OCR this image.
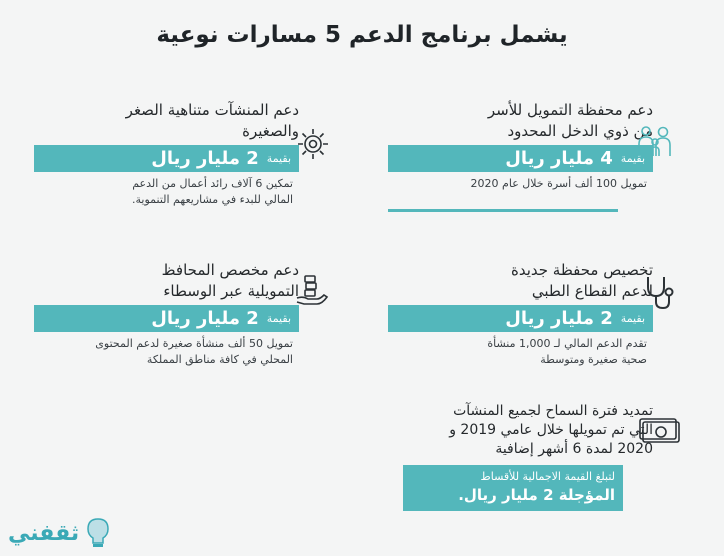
يشمل برنامج الدعم 5 مسارات نوعية
دعم محفظة التمويل للأسر
من ذوي الدخل المحدود
بقيمة
4 مليار ريال
تمويل 100 ألف أسرة خلال عام 2020
دعم المنشآت متناهية الصغر
والصغيرة
بقيمة
2 مليار ريال
تمكين 6 آلاف رائد أعمال من الدعم
المالي للبدء في مشاريعهم التنموية.
تخصيص محفظة جديدة
لدعم القطاع الطبي
بقيمة
2 مليار ريال
تقدم الدعم المالي لـ 1,000 منشأة
صحية صغيرة ومتوسطة
دعم مخصص المحافظ
التمويلية عبر الوسطاء
بقيمة
2 مليار ريال
تمويل 50 ألف منشأة صغيرة لدعم المحتوى
المحلي في كافة مناطق المملكة
تمديد فترة السماح لجميع المنشآت
التي تم تمويلها خلال عامي 2019 و
2020 لمدة 6 أشهر إضافية
لتبلغ القيمة الاجمالية للأقساط
المؤجلة 2 مليار ريال.
ثقفني
